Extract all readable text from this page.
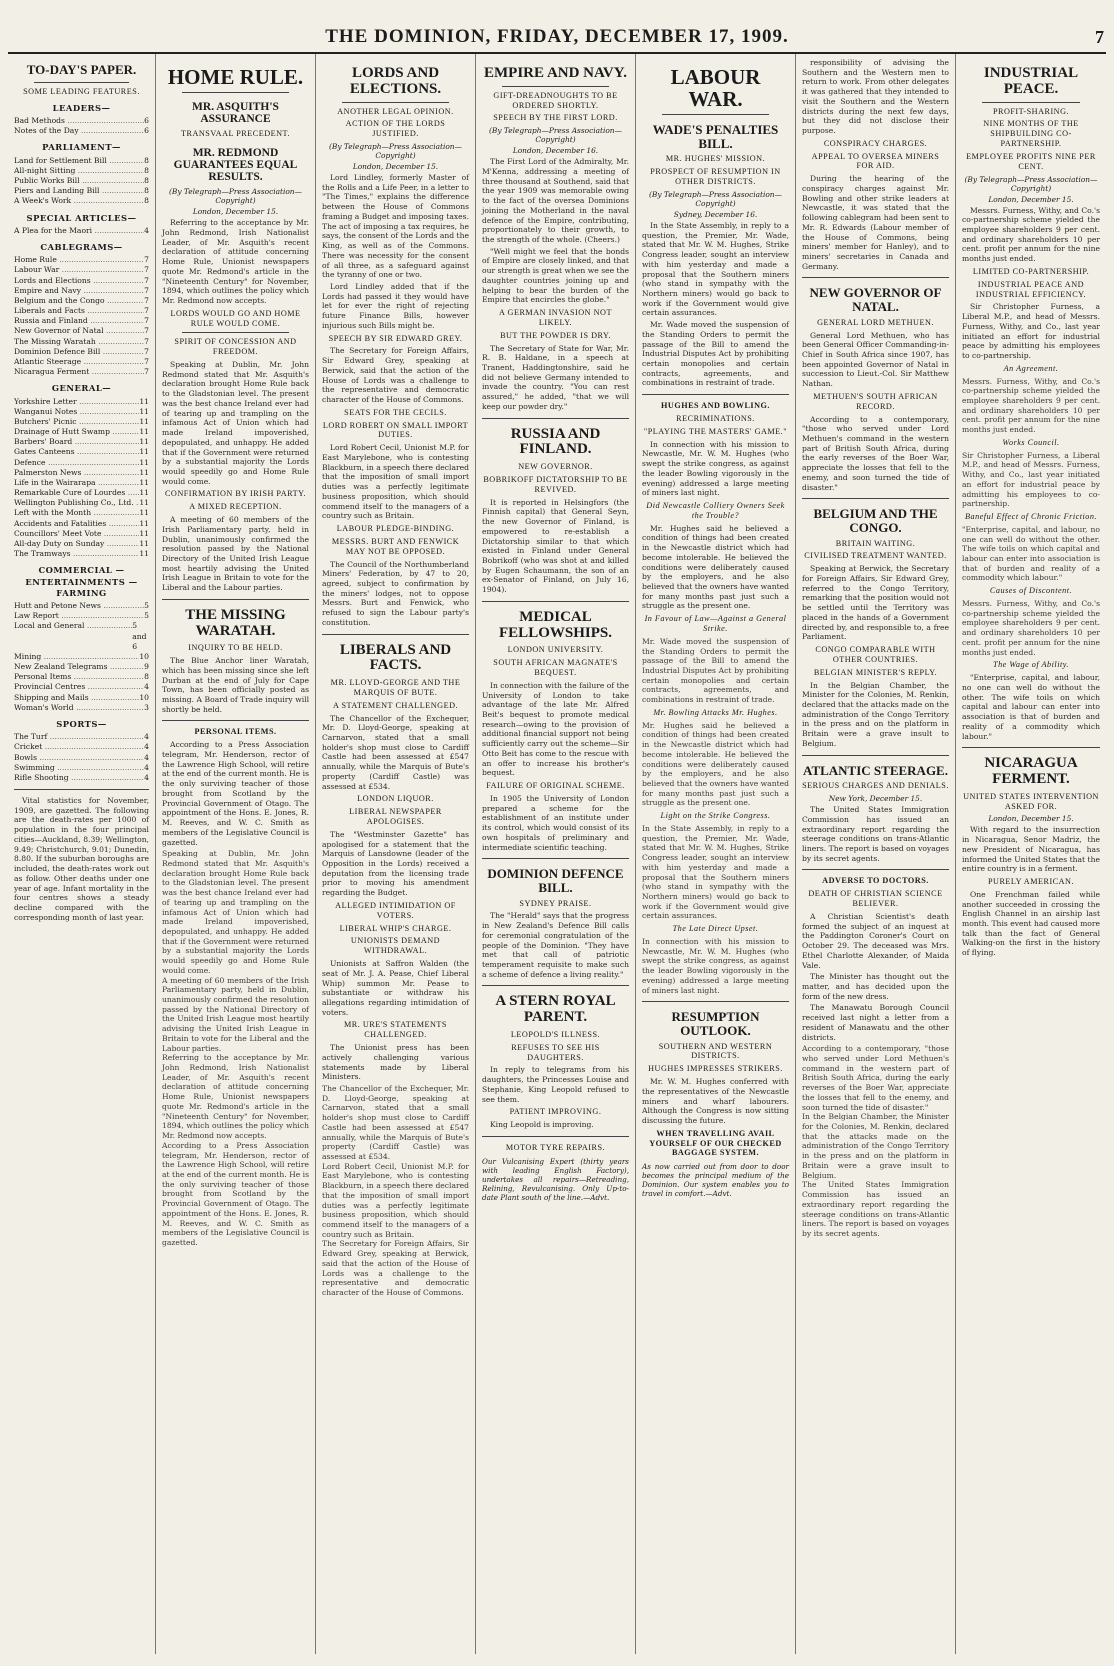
THE DOMINION, FRIDAY, DECEMBER 17, 1909.	7
TO-DAY'S PAPER.
SOME LEADING FEATURES.
LEADERS—
Bad Methods .....	6
Notes of the Day .....	6
PARLIAMENT—
Land for Settlement Bill .....	8
All-night Sitting .....	8
Public Works Bill .....	8
Piers and Landing Bill .....	8
A Week's Work .....	8
SPECIAL ARTICLES—
A Plea for the Maori .....	4
CABLEGRAMS—
Home Rule .....	7
Labour War .....	7
Lords and Elections .....	7
Empire and Navy .....	7
Belgium and the Congo .....	7
Liberals and Facts .....	7
Russia and Finland .....	7
New Governor of Natal .....	7
The Missing Waratah .....	7
Dominion Defence Bill .....	7
Atlantic Steerage .....	7
Nicaragua Ferment .....	7
GENERAL—
Yorkshire Letter .....	11
Wanganui Notes .....	11
Butchers' Picnic .....	11
Drainage of Hutt Swamp .....	11
Barbers' Board .....	11
Gates Canteens .....	11
Defence .....	11
Palmerston News .....	11
Life in the Wairarapa .....	11
Remarkable Cure of Lourdes .....	11
Wellington Publishing Co., Ltd. ..... 11
Left with the Month .....	11
Accidents and Fatalities .....	11
Councillors' Meet Vote .....	11
All-day Duty on Sunday .....	11
The Tramways .....	11
COMMERCIAL — ENTERTAINMENTS — FARMING
Hutt and Petone News .....	5
Law Report .....	5
Local and General .....	5 and 6
Mining .....	10
New Zealand Telegrams .....	9
Personal Items .....	8
Provincial Centres .....	4
Shipping and Mails .....	10
Woman's World .....	3
SPORTS—
The Turf .....	4
Cricket .....	4
Bowls .....	4
Swimming .....	4
Rifle Shooting .....	4

Vital statistics for November, 1909, are gazetted. The following are the death-rates per 1000 of population in the four principal cities—Auckland, 8.39; Wellington, 9.49; Christchurch, 9.01; Dunedin, 8.80. If the suburban boroughs are included, the death-rates work out as follow. Other deaths under one year of age. Infant mortality in the four centres shows a steady decline compared with the corresponding month of last year.

HOME RULE.
MR. ASQUITH'S ASSURANCE
TRANSVAAL PRECEDENT.
MR. REDMOND GUARANTEES EQUAL RESULTS.
(By Telegraph—Press Association—Copyright)
London, December 15.

Referring to the acceptance by Mr. John Redmond, Irish Nationalist Leader, of Mr. Asquith's recent declaration of attitude concerning Home Rule, Unionist newspapers quote Mr. Redmond's article in the "Nineteenth Century" for November, 1894, which outlines the policy which Mr. Redmond now accepts.

LORDS WOULD GO AND HOME RULE WOULD COME.
SPIRIT OF CONCESSION AND FREEDOM.

Speaking at Dublin, Mr. John Redmond stated that Mr. Asquith's declaration brought Home Rule back to the Gladstonian level. The present was the best chance Ireland ever had of tearing up and trampling on the infamous Act of Union which had made Ireland impoverished, depopulated, and unhappy. He added that if the Government were returned by a substantial majority the Lords would speedily go and Home Rule would come.

CONFIRMATION BY IRISH PARTY.
A MIXED RECEPTION.

A meeting of 60 members of the Irish Parliamentary party, held in Dublin, unanimously confirmed the resolution passed by the National Directory of the United Irish League most heartily advising the United Irish League in Britain to vote for the Liberal and the Labour parties.

THE MISSING WARATAH.
INQUIRY TO BE HELD.

The Blue Anchor liner Waratah, which has been missing since she left Durban at the end of July for Cape Town, has been officially posted as missing. A Board of Trade inquiry will shortly be held.

PERSONAL ITEMS.

According to a Press Association telegram, Mr. Henderson, rector of the Lawrence High School, will retire at the end of the current month. He is the only surviving teacher of those brought from Scotland by the Provincial Government of Otago. The appointment of the Hons. E. Jones, R. M. Reeves, and W. C. Smith as members of the Legislative Council is gazetted.

Speaking at Dublin, Mr. John Redmond stated that Mr. Asquith's declaration brought Home Rule back to the Gladstonian level. The present was the best chance Ireland ever had of tearing up and trampling on the infamous Act of Union which had made Ireland impoverished, depopulated, and unhappy. He added that if the Government were returned by a substantial majority the Lords would speedily go and Home Rule would come.

A meeting of 60 members of the Irish Parliamentary party, held in Dublin, unanimously confirmed the resolution passed by the National Directory of the United Irish League most heartily advising the United Irish League in Britain to vote for the Liberal and the Labour parties.

Referring to the acceptance by Mr. John Redmond, Irish Nationalist Leader, of Mr. Asquith's recent declaration of attitude concerning Home Rule, Unionist newspapers quote Mr. Redmond's article in the "Nineteenth Century" for November, 1894, which outlines the policy which Mr. Redmond now accepts.

According to a Press Association telegram, Mr. Henderson, rector of the Lawrence High School, will retire at the end of the current month. He is the only surviving teacher of those brought from Scotland by the Provincial Government of Otago. The appointment of the Hons. E. Jones, R. M. Reeves, and W. C. Smith as members of the Legislative Council is gazetted.

LORDS AND ELECTIONS.
ANOTHER LEGAL OPINION.
ACTION OF THE LORDS JUSTIFIED.
(By Telegraph—Press Association—Copyright)
London, December 15.

Lord Lindley, formerly Master of the Rolls and a Life Peer, in a letter to "The Times," explains the difference between the House of Commons framing a Budget and imposing taxes. The act of imposing a tax requires, he says, the consent of the Lords and the King, as well as of the Commons. There was necessity for the consent of all three, as a safeguard against the tyranny of one or two.

Lord Lindley added that if the Lords had passed it they would have let for ever the right of rejecting future Finance Bills, however injurious such Bills might be.

SPEECH BY SIR EDWARD GREY.

The Secretary for Foreign Affairs, Sir Edward Grey, speaking at Berwick, said that the action of the House of Lords was a challenge to the representative and democratic character of the House of Commons.

SEATS FOR THE CECILS.
LORD ROBERT ON SMALL IMPORT DUTIES.

Lord Robert Cecil, Unionist M.P. for East Marylebone, who is contesting Blackburn, in a speech there declared that the imposition of small import duties was a perfectly legitimate business proposition, which should commend itself to the managers of a country such as Britain.

LABOUR PLEDGE-BINDING.
MESSRS. BURT AND FENWICK MAY NOT BE OPPOSED.

The Council of the Northumberland Miners' Federation, by 47 to 20, agreed, subject to confirmation by the miners' lodges, not to oppose Messrs. Burt and Fenwick, who refused to sign the Labour party's constitution.

LIBERALS AND FACTS.
MR. LLOYD-GEORGE AND THE MARQUIS OF BUTE.
A STATEMENT CHALLENGED.

The Chancellor of the Exchequer, Mr. D. Lloyd-George, speaking at Carnarvon, stated that a small holder's shop must close to Cardiff Castle had been assessed at £547 annually, while the Marquis of Bute's property (Cardiff Castle) was assessed at £534.

LONDON LIQUOR.
LIBERAL NEWSPAPER APOLOGISES.

The "Westminster Gazette" has apologised for a statement that the Marquis of Lansdowne (leader of the Opposition in the Lords) received a deputation from the licensing trade prior to moving his amendment regarding the Budget.

ALLEGED INTIMIDATION OF VOTERS.
LIBERAL WHIP'S CHARGE.
UNIONISTS DEMAND WITHDRAWAL.

Unionists at Saffron Walden (the seat of Mr. J. A. Pease, Chief Liberal Whip) summon Mr. Pease to substantiate or withdraw his allegations regarding intimidation of voters.

MR. URE'S STATEMENTS CHALLENGED.

The Unionist press has been actively challenging various statements made by Liberal Ministers.

The Chancellor of the Exchequer, Mr. D. Lloyd-George, speaking at Carnarvon, stated that a small holder's shop must close to Cardiff Castle had been assessed at £547 annually, while the Marquis of Bute's property (Cardiff Castle) was assessed at £534.

Lord Robert Cecil, Unionist M.P. for East Marylebone, who is contesting Blackburn, in a speech there declared that the imposition of small import duties was a perfectly legitimate business proposition, which should commend itself to the managers of a country such as Britain.

The Secretary for Foreign Affairs, Sir Edward Grey, speaking at Berwick, said that the action of the House of Lords was a challenge to the representative and democratic character of the House of Commons.

EMPIRE AND NAVY.
GIFT-DREADNOUGHTS TO BE ORDERED SHORTLY.
SPEECH BY THE FIRST LORD.
(By Telegraph—Press Association—Copyright)
London, December 16.

The First Lord of the Admiralty, Mr. M'Kenna, addressing a meeting of three thousand at Southend, said that the year 1909 was memorable owing to the fact of the oversea Dominions joining the Motherland in the naval defence of the Empire, contributing, proportionately to their growth, to the strength of the whole. (Cheers.)

"Well might we feel that the bonds of Empire are closely linked, and that our strength is great when we see the daughter countries joining up and helping to bear the burden of the Empire that encircles the globe."

A GERMAN INVASION NOT LIKELY.
BUT THE POWDER IS DRY.

The Secretary of State for War, Mr. R. B. Haldane, in a speech at Tranent, Haddingtonshire, said he did not believe Germany intended to invade the country. "You can rest assured," he added, "that we will keep our powder dry."

RUSSIA AND FINLAND.
NEW GOVERNOR.
BOBRIKOFF DICTATORSHIP TO BE REVIVED.

It is reported in Helsingfors (the Finnish capital) that General Seyn, the new Governor of Finland, is empowered to re-establish a Dictatorship similar to that which existed in Finland under General Bobrikoff (who was shot at and killed by Eugen Schaumann, the son of an ex-Senator of Finland, on July 16, 1904).

MEDICAL FELLOWSHIPS.
LONDON UNIVERSITY.
SOUTH AFRICAN MAGNATE'S BEQUEST.

In connection with the failure of the University of London to take advantage of the late Mr. Alfred Beit's bequest to promote medical research—owing to the provision of additional financial support not being sufficiently carry out the scheme—Sir Otto Beit has come to the rescue with an offer to increase his brother's bequest.

FAILURE OF ORIGINAL SCHEME.

In 1905 the University of London prepared a scheme for the establishment of an institute under its control, which would consist of its own hospitals of preliminary and intermediate scientific teaching.

DOMINION DEFENCE BILL.
SYDNEY PRAISE.

The "Herald" says that the progress in New Zealand's Defence Bill calls for ceremonial congratulation of the people of the Dominion. "They have met that call of patriotic temperament requisite to make such a scheme of defence a living reality."

A STERN ROYAL PARENT.
LEOPOLD'S ILLNESS.
REFUSES TO SEE HIS DAUGHTERS.

In reply to telegrams from his daughters, the Princesses Louise and Stephanie, King Leopold refused to see them.

PATIENT IMPROVING.

King Leopold is improving.

MOTOR TYRE REPAIRS.
Our Vulcanising Expert (thirty years with leading English Factory), undertakes all repairs—Retreading, Relining, Revulcanising. Only Up-to-date Plant south of the line.—Advt.
LABOUR WAR.
WADE'S PENALTIES BILL.
MR. HUGHES' MISSION.
PROSPECT OF RESUMPTION IN OTHER DISTRICTS.
(By Telegraph—Press Association—Copyright)
Sydney, December 16.

In the State Assembly, in reply to a question, the Premier, Mr. Wade, stated that Mr. W. M. Hughes, Strike Congress leader, sought an interview with him yesterday and made a proposal that the Southern miners (who stand in sympathy with the Northern miners) would go back to work if the Government would give certain assurances.

Mr. Wade moved the suspension of the Standing Orders to permit the passage of the Bill to amend the Industrial Disputes Act by prohibiting certain monopolies and certain contracts, agreements, and combinations in restraint of trade.

HUGHES AND BOWLING.
RECRIMINATIONS.
"PLAYING THE MASTERS' GAME."

In connection with his mission to Newcastle, Mr. W. M. Hughes (who swept the strike congress, as against the leader Bowling vigorously in the evening) addressed a large meeting of miners last night.

Did Newcastle Colliery Owners Seek the Trouble?

Mr. Hughes said he believed a condition of things had been created in the Newcastle district which had become intolerable. He believed the conditions were deliberately caused by the employers, and he also believed that the owners have wanted for many months past just such a struggle as the present one.

In Favour of Law—Against a General Strike.

Mr. Wade moved the suspension of the Standing Orders to permit the passage of the Bill to amend the Industrial Disputes Act by prohibiting certain monopolies and certain contracts, agreements, and combinations in restraint of trade.

Mr. Bowling Attacks Mr. Hughes.

Mr. Hughes said he believed a condition of things had been created in the Newcastle district which had become intolerable. He believed the conditions were deliberately caused by the employers, and he also believed that the owners have wanted for many months past just such a struggle as the present one.

Light on the Strike Congress.

In the State Assembly, in reply to a question, the Premier, Mr. Wade, stated that Mr. W. M. Hughes, Strike Congress leader, sought an interview with him yesterday and made a proposal that the Southern miners (who stand in sympathy with the Northern miners) would go back to work if the Government would give certain assurances.

The Late Direct Upset.

In connection with his mission to Newcastle, Mr. W. M. Hughes (who swept the strike congress, as against the leader Bowling vigorously in the evening) addressed a large meeting of miners last night.

RESUMPTION OUTLOOK.
SOUTHERN AND WESTERN DISTRICTS.
HUGHES IMPRESSES STRIKERS.

Mr. W. M. Hughes conferred with the representatives of the Newcastle miners and wharf labourers. Although the Congress is now sitting discussing the future.

WHEN TRAVELLING AVAIL YOURSELF OF OUR CHECKED BAGGAGE SYSTEM.
As now carried out from door to door becomes the principal medium of the Dominion. Our system enables you to travel in comfort.—Advt.

responsibility of advising the Southern and the Western men to return to work. From other delegates it was gathered that they intended to visit the Southern and the Western districts during the next few days, but they did not disclose their purpose.

CONSPIRACY CHARGES.
APPEAL TO OVERSEA MINERS FOR AID.

During the hearing of the conspiracy charges against Mr. Bowling and other strike leaders at Newcastle, it was stated that the following cablegram had been sent to Mr. R. Edwards (Labour member of the House of Commons, being miners' member for Hanley), and to miners' secretaries in Canada and Germany.

NEW GOVERNOR OF NATAL.
GENERAL LORD METHUEN.

General Lord Methuen, who has been General Officer Commanding-in-Chief in South Africa since 1907, has been appointed Governor of Natal in succession to Lieut.-Col. Sir Matthew Nathan.

METHUEN'S SOUTH AFRICAN RECORD.

According to a contemporary, "those who served under Lord Methuen's command in the western part of British South Africa, during the early reverses of the Boer War, appreciate the losses that fell to the enemy, and soon turned the tide of disaster."

BELGIUM AND THE CONGO.
BRITAIN WAITING.
CIVILISED TREATMENT WANTED.

Speaking at Berwick, the Secretary for Foreign Affairs, Sir Edward Grey, referred to the Congo Territory, remarking that the position would not be settled until the Territory was placed in the hands of a Government directed by, and responsible to, a free Parliament.

CONGO COMPARABLE WITH OTHER COUNTRIES.
BELGIAN MINISTER'S REPLY.

In the Belgian Chamber, the Minister for the Colonies, M. Renkin, declared that the attacks made on the administration of the Congo Territory in the press and on the platform in Britain were a grave insult to Belgium.

ATLANTIC STEERAGE.
SERIOUS CHARGES AND DENIALS.
New York, December 15.

The United States Immigration Commission has issued an extraordinary report regarding the steerage conditions on trans-Atlantic liners. The report is based on voyages by its secret agents.

ADVERSE TO DOCTORS.
DEATH OF CHRISTIAN SCIENCE BELIEVER.

A Christian Scientist's death formed the subject of an inquest at the Paddington Coroner's Court on October 29. The deceased was Mrs. Ethel Charlotte Alexander, of Maida Vale.

The Minister has thought out the matter, and has decided upon the form of the new dress.

The Manawatu Borough Council received last night a letter from a resident of Manawatu and the other districts.

According to a contemporary, "those who served under Lord Methuen's command in the western part of British South Africa, during the early reverses of the Boer War, appreciate the losses that fell to the enemy, and soon turned the tide of disaster."

In the Belgian Chamber, the Minister for the Colonies, M. Renkin, declared that the attacks made on the administration of the Congo Territory in the press and on the platform in Britain were a grave insult to Belgium.

The United States Immigration Commission has issued an extraordinary report regarding the steerage conditions on trans-Atlantic liners. The report is based on voyages by its secret agents.

INDUSTRIAL PEACE.
PROFIT-SHARING.
NINE MONTHS OF THE SHIPBUILDING CO-PARTNERSHIP.
EMPLOYEE PROFITS NINE PER CENT.
(By Telegraph—Press Association—Copyright)
London, December 15.

Messrs. Furness, Withy, and Co.'s co-partnership scheme yielded the employee shareholders 9 per cent. and ordinary shareholders 10 per cent. profit per annum for the nine months just ended.

LIMITED CO-PARTNERSHIP.
INDUSTRIAL PEACE AND INDUSTRIAL EFFICIENCY.

Sir Christopher Furness, a Liberal M.P., and head of Messrs. Furness, Withy, and Co., last year initiated an effort for industrial peace by admitting his employees to co-partnership.

An Agreement.

Messrs. Furness, Withy, and Co.'s co-partnership scheme yielded the employee shareholders 9 per cent. and ordinary shareholders 10 per cent. profit per annum for the nine months just ended.

Works Council.

Sir Christopher Furness, a Liberal M.P., and head of Messrs. Furness, Withy, and Co., last year initiated an effort for industrial peace by admitting his employees to co-partnership.

Baneful Effect of Chronic Friction.

"Enterprise, capital, and labour, no one can well do without the other. The wife toils on which capital and labour can enter into association is that of burden and reality of a commodity which labour."

Causes of Discontent.

Messrs. Furness, Withy, and Co.'s co-partnership scheme yielded the employee shareholders 9 per cent. and ordinary shareholders 10 per cent. profit per annum for the nine months just ended.

The Wage of Ability.

"Enterprise, capital, and labour, no one can well do without the other. The wife toils on which capital and labour can enter into association is that of burden and reality of a commodity which labour."

NICARAGUA FERMENT.
UNITED STATES INTERVENTION ASKED FOR.
London, December 15.

With regard to the insurrection in Nicaragua, Senor Madriz, the new President of Nicaragua, has informed the United States that the entire country is in a ferment.

PURELY AMERICAN.

One Frenchman failed while another succeeded in crossing the English Channel in an airship last month. This event had caused more talk than the fact of General Walking-on the first in the history of flying.
